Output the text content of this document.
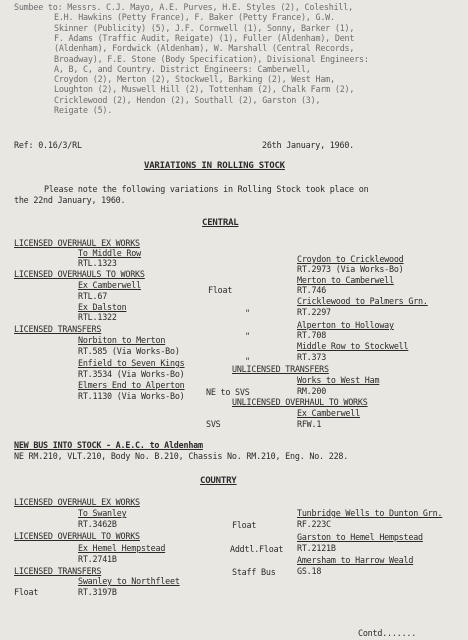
Sumbee to: Messrs. C.J. Mayo, A.E. Purves, H.E. Styles (2), Coleshill,
E.H. Hawkins (Petty France), F. Baker (Petty France), G.W.
Skinner (Publicity) (5), J.F. Cornwell (1), Sonny, Barker (1),
F. Adams (Traffic Audit, Reigate) (1), Fuller (Aldenham), Dent
(Aldenham), Fordwick (Aldenham), W. Marshall (Central Records,
Broadway), F.E. Stone (Body Specification), Divisional Engineers:
A, B, C, and Country. District Engineers: Camberwell,
Croydon (2), Merton (2), Stockwell, Barking (2), West Ham,
Loughton (2), Muswell Hill (2), Tottenham (2), Chalk Farm (2),
Cricklewood (2), Hendon (2), Southall (2), Garston (3),
Reigate (5).
Ref: 0.16/3/RL	26th January, 1960.
VARIATIONS IN ROLLING STOCK
Please note the following variations in Rolling Stock took place on
the 22nd January, 1960.
CENTRAL
LICENSED OVERHAUL EX WORKS
To Middle Row
RTL.1323
LICENSED OVERHAULS TO WORKS
Ex Camberwell
RTL.67
Ex Dalston
RTL.1322
LICENSED TRANSFERS
Norbiton to Merton
RT.585 (Via Works-Bo)
Enfield to Seven Kings
RT.3534 (Via Works-Bo)
Elmers End to Alperton
RT.1130 (Via Works-Bo)
Float
"
"
"
NE to SVS
SVS
Croydon to Cricklewood
RT.2973 (Via Works-Bo)
Merton to Camberwell
RT.746
Cricklewood to Palmers Grn.
RT.2297
Alperton to Holloway
RT.708
Middle Row to Stockwell
RT.373
UNLICENSED TRANSFERS
Works to West Ham
RM.200
UNLICENSED OVERHAUL TO WORKS
Ex Camberwell
RFW.1
NEW BUS INTO STOCK - A.E.C. to Aldenham
NE RM.210, VLT.210, Body No. B.210, Chassis No. RM.210, Eng. No. 228.
COUNTRY
LICENSED OVERHAUL EX WORKS
To Swanley
RT.3462B
LICENSED OVERHAUL TO WORKS
Ex Hemel Hempstead
RT.2741B
LICENSED TRANSFERS
Swanley to Northfleet
RT.3197B
Float
Addtl.Float
Staff Bus
Tunbridge Wells to Dunton Grn.
RF.223C
Garston to Hemel Hempstead
RT.2121B
Amersham to Harrow Weald
GS.18
Float
Contd.......
